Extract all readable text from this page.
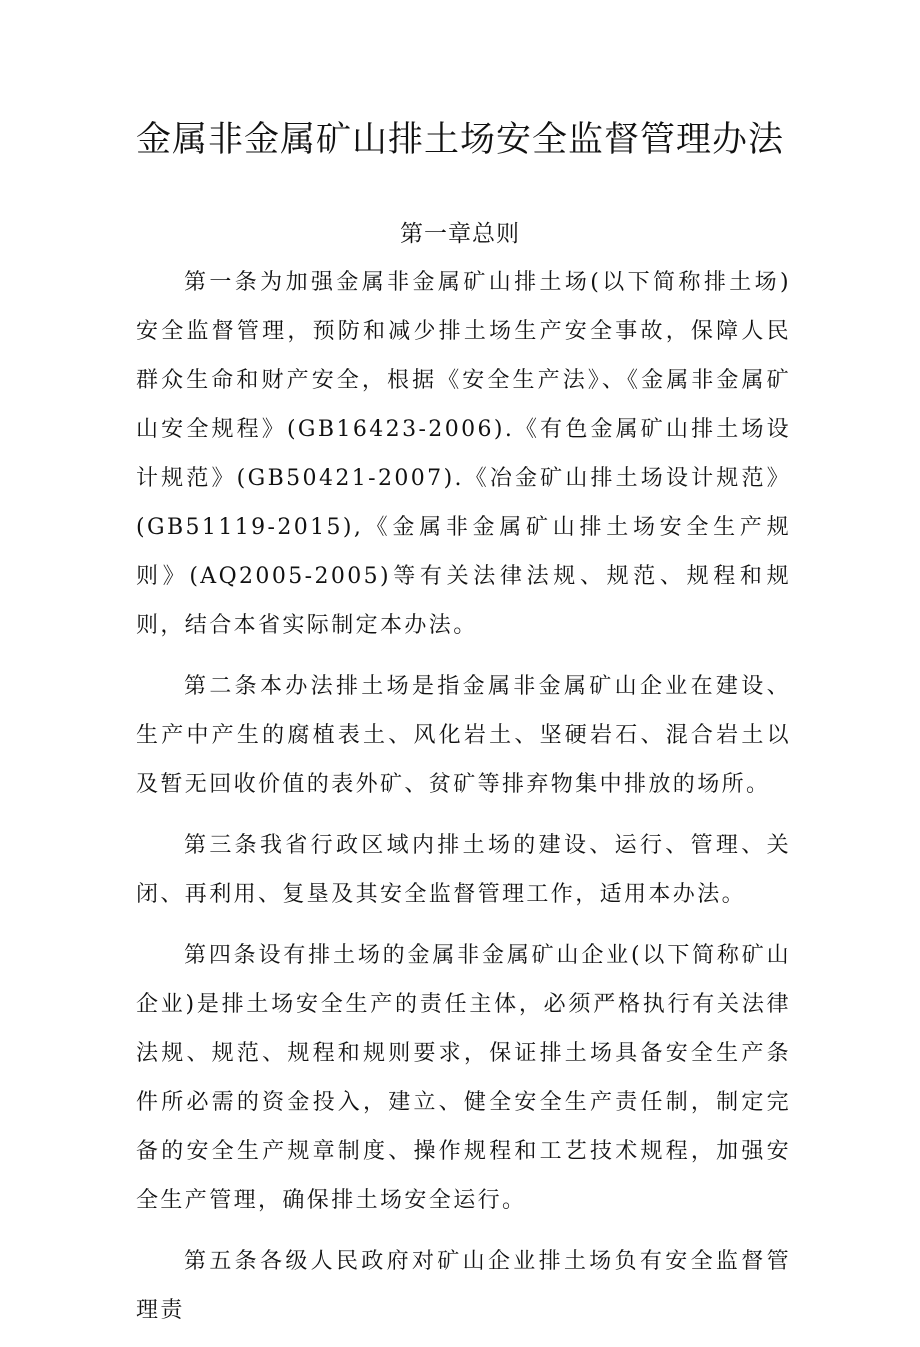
金属非金属矿山排土场安全监督管理办法
第一章总则

第一条为加强金属非金属矿山排土场(以下简称排土场)安全监督管理，预防和减少排土场生产安全事故，保障人民群众生命和财产安全，根据《安全生产法》、《金属非金属矿山安全规程》(GB16423-2006).《有色金属矿山排土场设计规范》(GB50421-2007).《冶金矿山排土场设计规范》(GB51119-2015),《金属非金属矿山排土场安全生产规则》(AQ2005-2005)等有关法律法规、规范、规程和规则，结合本省实际制定本办法。

第二条本办法排土场是指金属非金属矿山企业在建设、生产中产生的腐植表土、风化岩土、坚硬岩石、混合岩土以及暂无回收价值的表外矿、贫矿等排弃物集中排放的场所。

第三条我省行政区域内排土场的建设、运行、管理、关闭、再利用、复垦及其安全监督管理工作，适用本办法。

第四条设有排土场的金属非金属矿山企业(以下简称矿山企业)是排土场安全生产的责任主体，必须严格执行有关法律法规、规范、规程和规则要求，保证排土场具备安全生产条件所必需的资金投入，建立、健全安全生产责任制，制定完备的安全生产规章制度、操作规程和工艺技术规程，加强安全生产管理，确保排土场安全运行。

第五条各级人民政府对矿山企业排土场负有安全监督管理责
